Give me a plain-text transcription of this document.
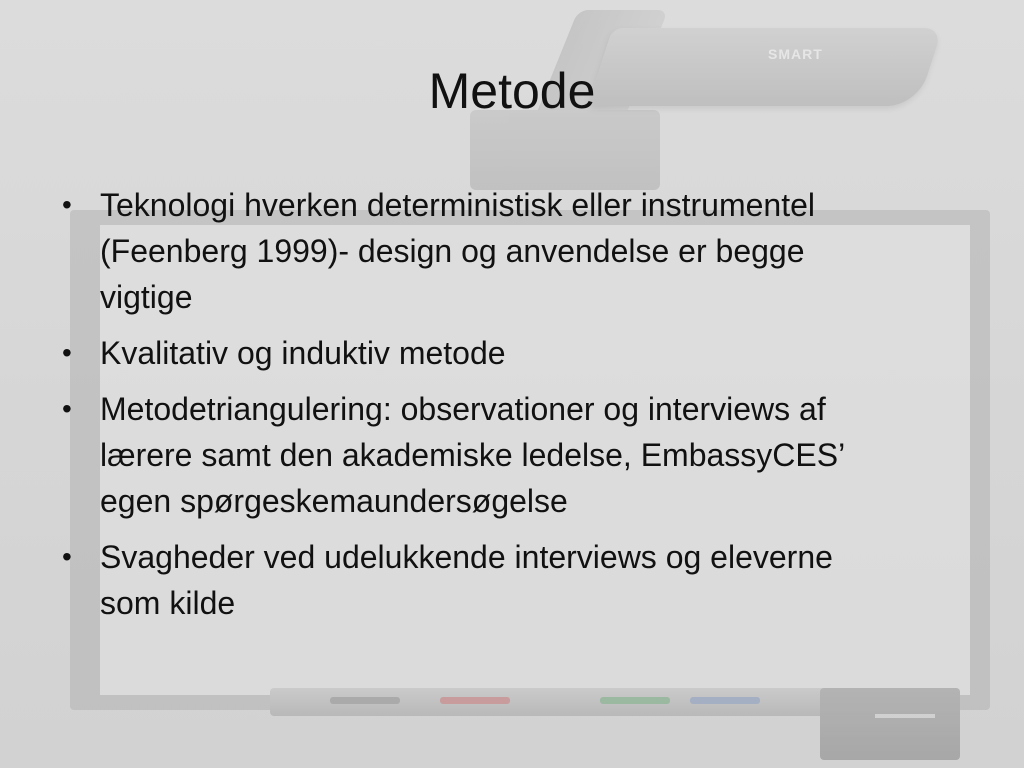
SMART
Metode
• Teknologi hverken deterministisk eller instrumentel (Feenberg 1999)- design og anvendelse er begge vigtige
• Kvalitativ og induktiv metode
• Metodetriangulering: observationer og interviews af lærere samt den akademiske ledelse, EmbassyCES’ egen spørgeskemaundersøgelse
• Svagheder ved udelukkende interviews og eleverne som kilde
